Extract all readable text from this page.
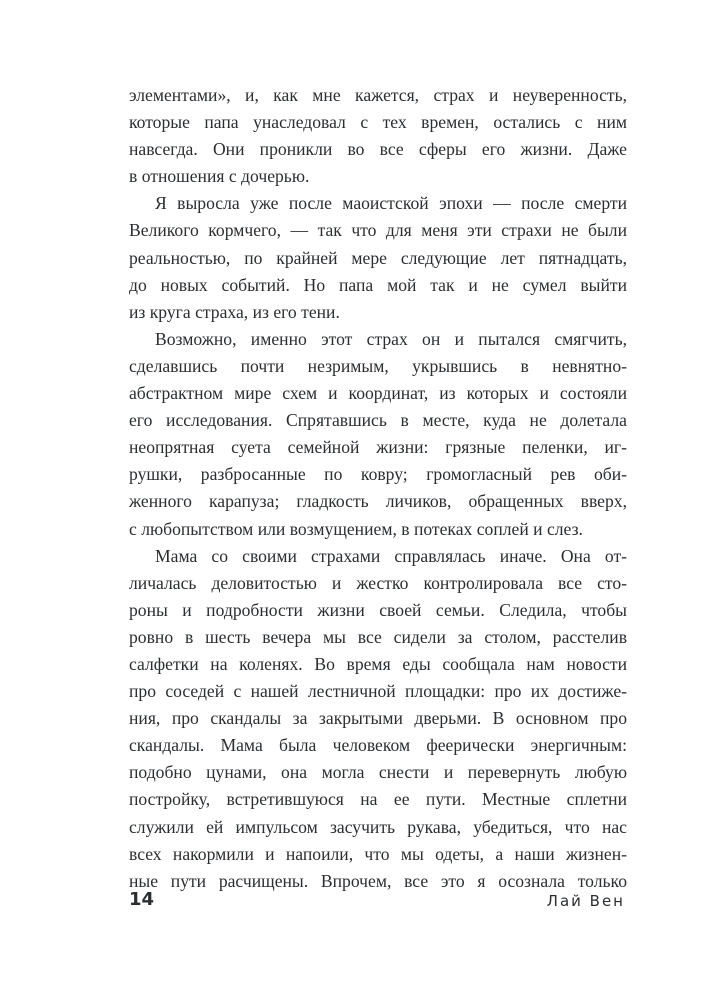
элементами», и, как мне кажется, страх и неуверенность,
которые папа унаследовал с тех времен, остались с ним
навсегда. Они проникли во все сферы его жизни. Даже
в отношения с дочерью.
Я выросла уже после маоистской эпохи — после смерти
Великого кормчего, — так что для меня эти страхи не были
реальностью, по крайней мере следующие лет пятнадцать,
до новых событий. Но папа мой так и не сумел выйти
из круга страха, из его тени.
Возможно, именно этот страх он и пытался смягчить,
сделавшись почти незримым, укрывшись в невнятно-
абстрактном мире схем и координат, из которых и состояли
его исследования. Спрятавшись в месте, куда не долетала
неопрятная суета семейной жизни: грязные пеленки, иг-
рушки, разбросанные по ковру; громогласный рев оби-
женного карапуза; гладкость личиков, обращенных вверх,
с любопытством или возмущением, в потеках соплей и слез.
Мама со своими страхами справлялась иначе. Она от-
личалась деловитостью и жестко контролировала все сто-
роны и подробности жизни своей семьи. Следила, чтобы
ровно в шесть вечера мы все сидели за столом, расстелив
салфетки на коленях. Во время еды сообщала нам новости
про соседей с нашей лестничной площадки: про их достиже-
ния, про скандалы за закрытыми дверьми. В основном про
скандалы. Мама была человеком феерически энергичным:
подобно цунами, она могла снести и перевернуть любую
постройку, встретившуюся на ее пути. Местные сплетни
служили ей импульсом засучить рукава, убедиться, что нас
всех накормили и напоили, что мы одеты, а наши жизнен-
ные пути расчищены. Впрочем, все это я осознала только
14	Лай Вен
